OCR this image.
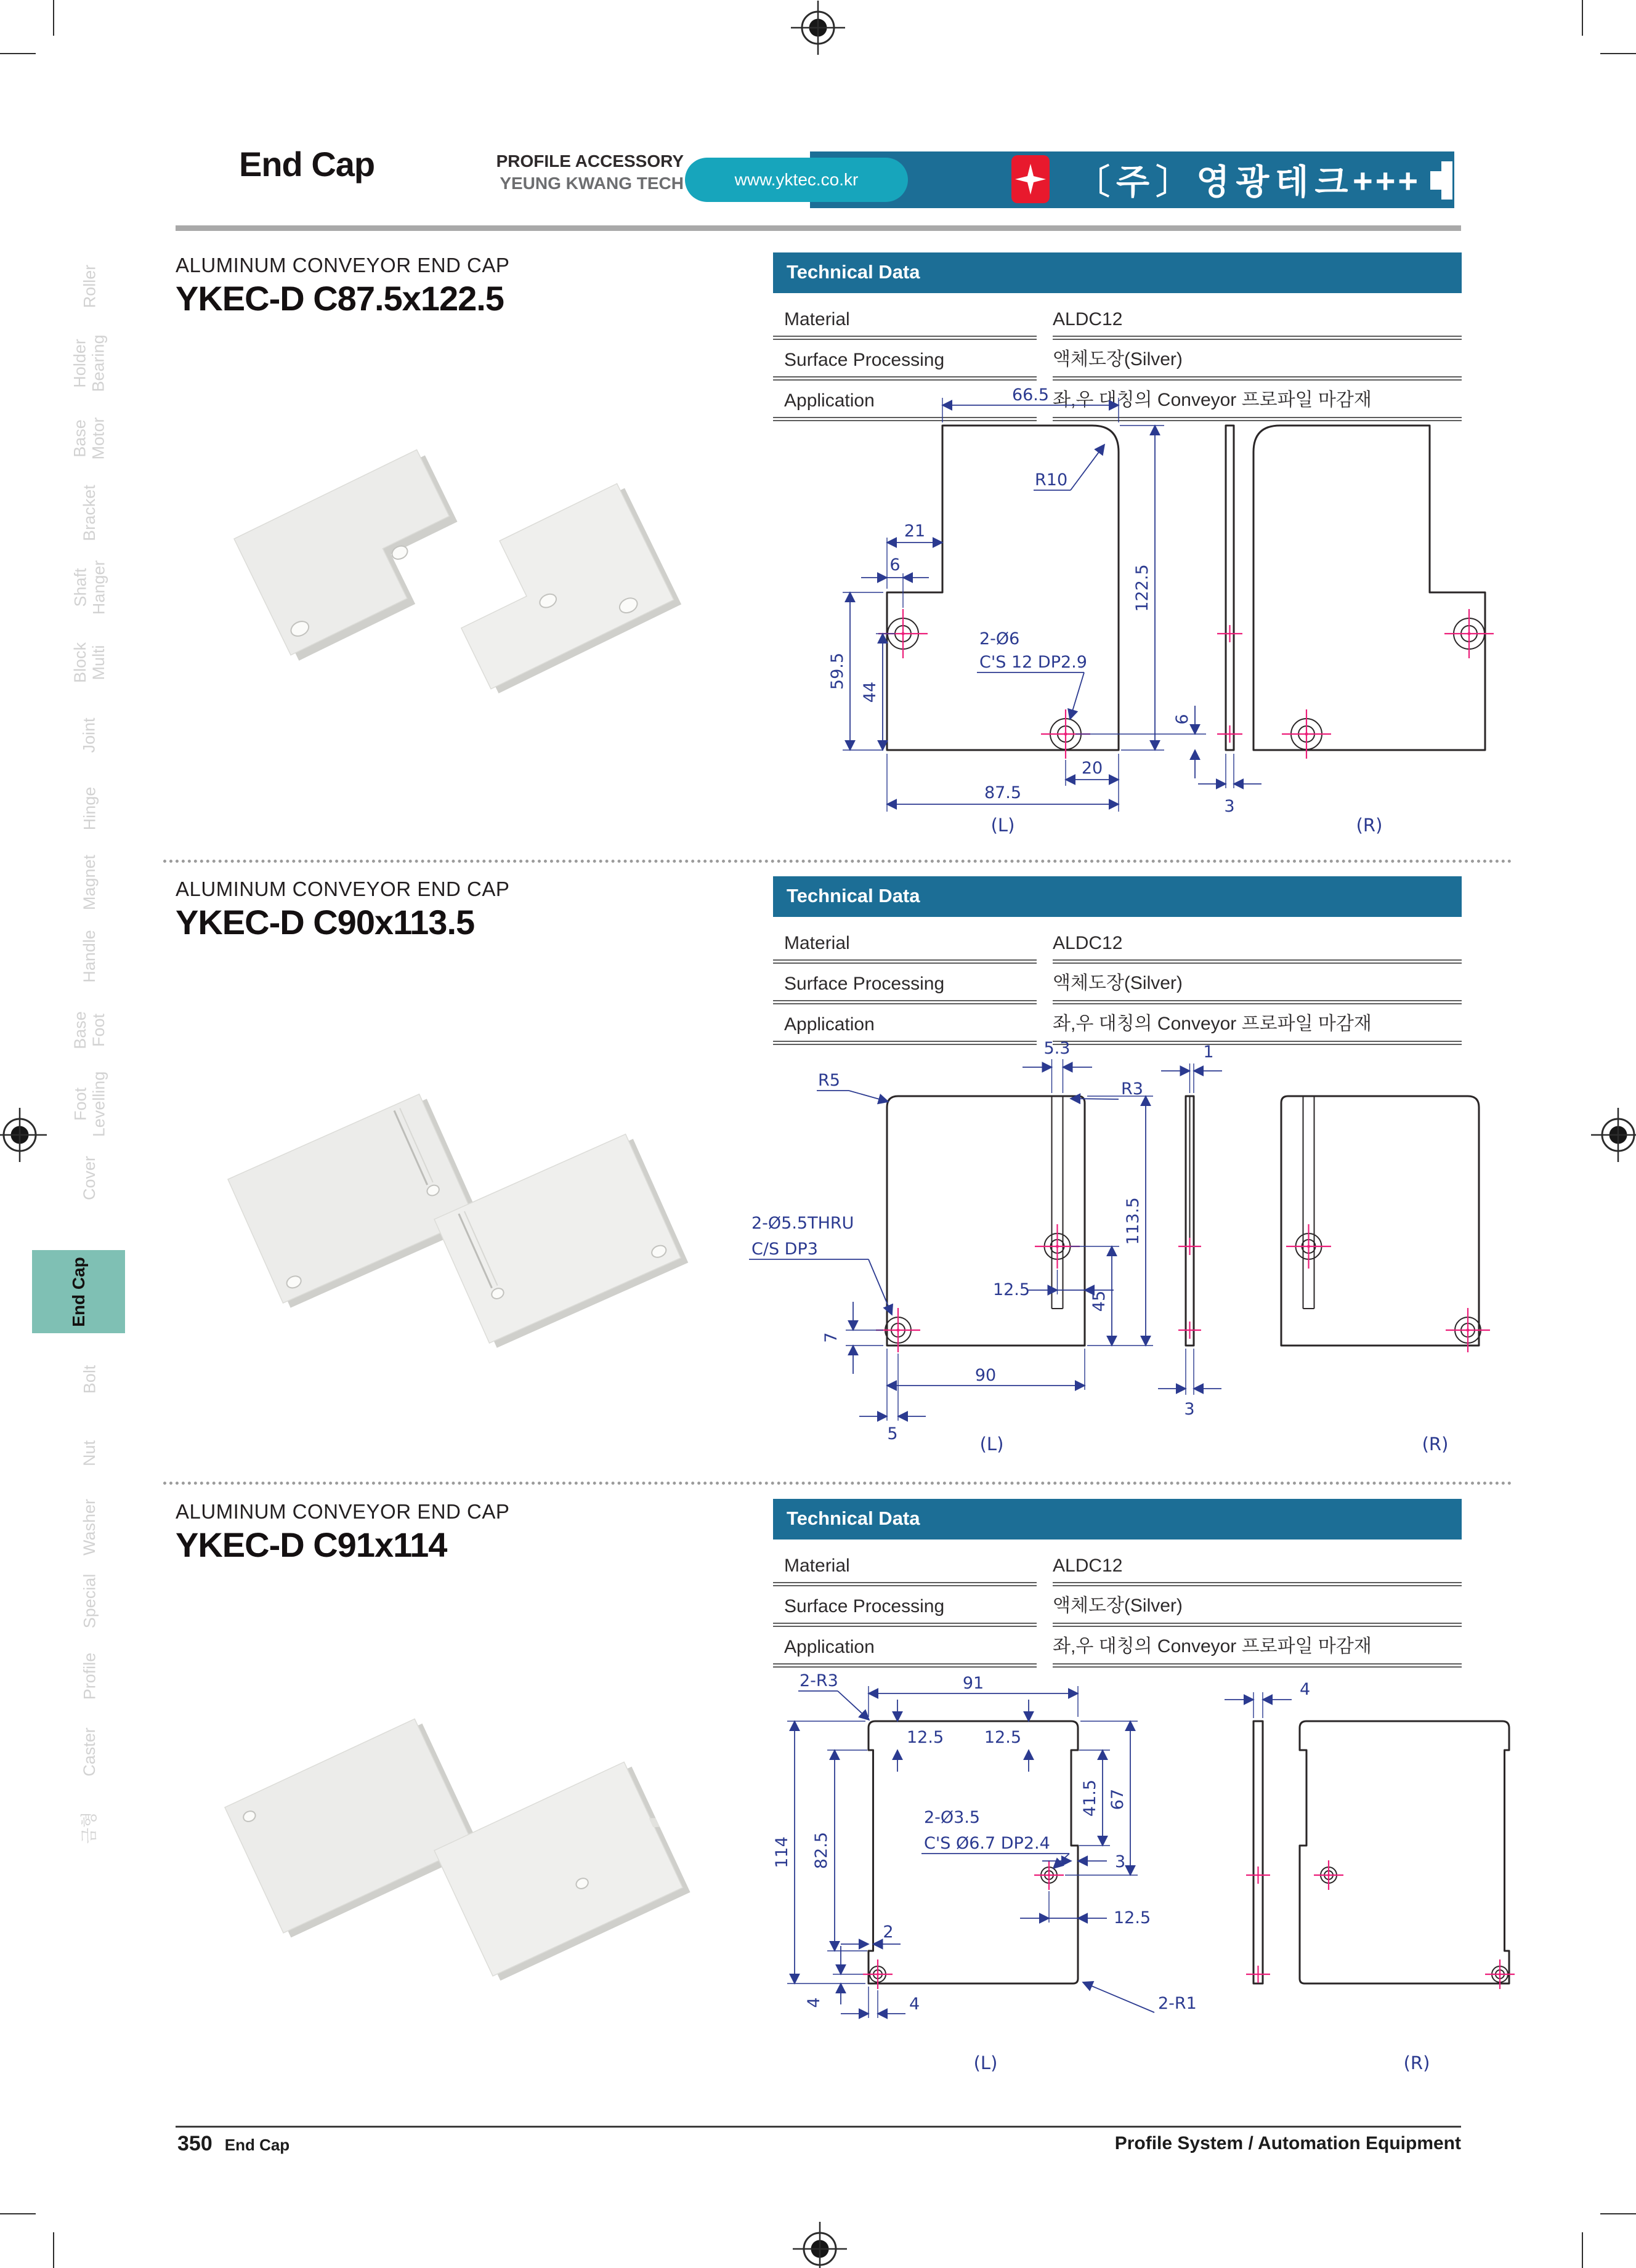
End Cap	PROFILE ACCESSORY
YEUNG KWANG TECH	www.yktec.co.kr	〔주〕영광테크
+++
Roller
Bearing
Holder
Motor
Base
Bracket
Hanger
Shaft
Multi
Block
Joint
Hinge
Magnet
Handle
Foot
Base
Levelling
Foot
Cover
End Cap
Bolt
Nut
Washer
Special
Profile
Caster
금형
ALUMINUM CONVEYOR END CAP
YKEC-D C87.5x122.5
Technical Data
Material	ALDC12
Surface Processing	액체도장(Silver)
Application	좌,우 대칭의 Conveyor 프로파일 마감재
66.5
R10
21
6
59.5
44
122.5
2-Ø6
C'S 12 DP2.9
20
6
87.5
3
(L)	(R)
ALUMINUM CONVEYOR END CAP
YKEC-D C90x113.5
Technical Data
Material	ALDC12
Surface Processing	액체도장(Silver)
Application	좌,우 대칭의 Conveyor 프로파일 마감재
5.3
R5	R3
113.5
12.5
45
2-Ø5.5THRU
C/S DP3
7
90
5
1
3
(L)	(R)
ALUMINUM CONVEYOR END CAP
YKEC-D C91x114
Technical Data
Material	ALDC12
Surface Processing	액체도장(Silver)
Application	좌,우 대칭의 Conveyor 프로파일 마감재
91
2-R3
12.5 12.5
41.5 67
114 82.5
2-Ø3.5
C'S Ø6.7 DP2.4
3
12.5
2
4
4	2-R1
4
(L)	(R)
350 End Cap	Profile System / Automation Equipment
